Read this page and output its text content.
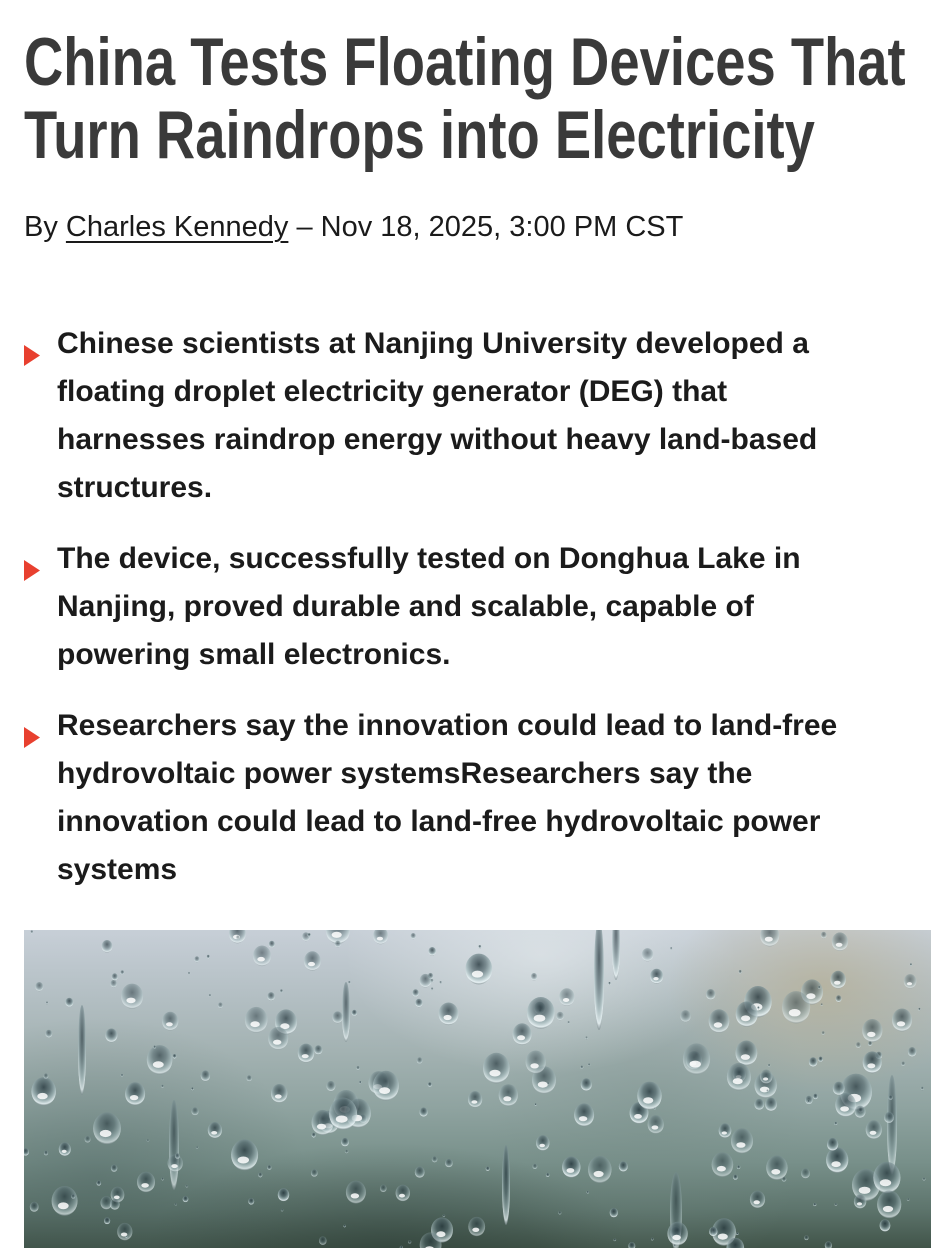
China Tests Floating Devices That Turn Raindrops into Electricity
By Charles Kennedy – Nov 18, 2025, 3:00 PM CST
Chinese scientists at Nanjing University developed a floating droplet electricity generator (DEG) that harnesses raindrop energy without heavy land-based structures.
The device, successfully tested on Donghua Lake in Nanjing, proved durable and scalable, capable of powering small electronics.
Researchers say the innovation could lead to land-free hydrovoltaic power systemsResearchers say the innovation could lead to land-free hydrovoltaic power systems
